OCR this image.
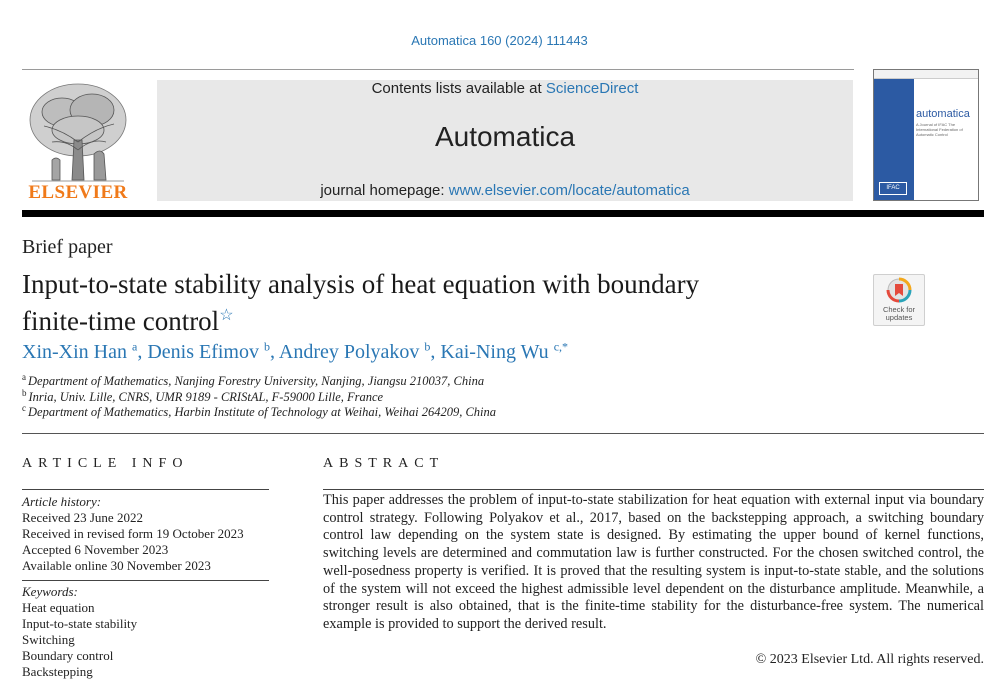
Automatica 160 (2024) 111443
ELSEVIER
Contents lists available at ScienceDirect
Automatica
journal homepage: www.elsevier.com/locate/automatica
automatica
A Journal of IFAC The International Federation of Automatic Control
IFAC
Brief paper
Input-to-state stability analysis of heat equation with boundary
finite-time control☆	Check for updates
Xin-Xin Han $^a$, Denis Efimov $^b$, Andrey Polyakov $^b$, Kai-Ning Wu $^{c,*}$
$^a$ Department of Mathematics, Nanjing Forestry University, Nanjing, Jiangsu 210037, China
$^b$ Inria, Univ. Lille, CNRS, UMR 9189 - CRIStAL, F-59000 Lille, France
$^c$ Department of Mathematics, Harbin Institute of Technology at Weihai, Weihai 264209, China
ARTICLE INFO	ABSTRACT
Article history:
Received 23 June 2022
Received in revised form 19 October 2023
Accepted 6 November 2023
Available online 30 November 2023
Keywords:
Heat equation
Input-to-state stability
Switching
Boundary control
Backstepping
This paper addresses the problem of input-to-state stabilization for heat equation with external input via boundary control strategy. Following Polyakov et al., 2017, based on the backstepping approach, a switching boundary control law depending on the system state is designed. By estimating the upper bound of kernel functions, switching levels are determined and commutation law is further constructed. For the chosen switched control, the well-posedness property is verified. It is proved that the resulting system is input-to-state stable, and the solutions of the system will not exceed the highest admissible level dependent on the disturbance amplitude. Meanwhile, a stronger result is also obtained, that is the finite-time stability for the disturbance-free system. The numerical example is provided to support the derived result.
© 2023 Elsevier Ltd. All rights reserved.
